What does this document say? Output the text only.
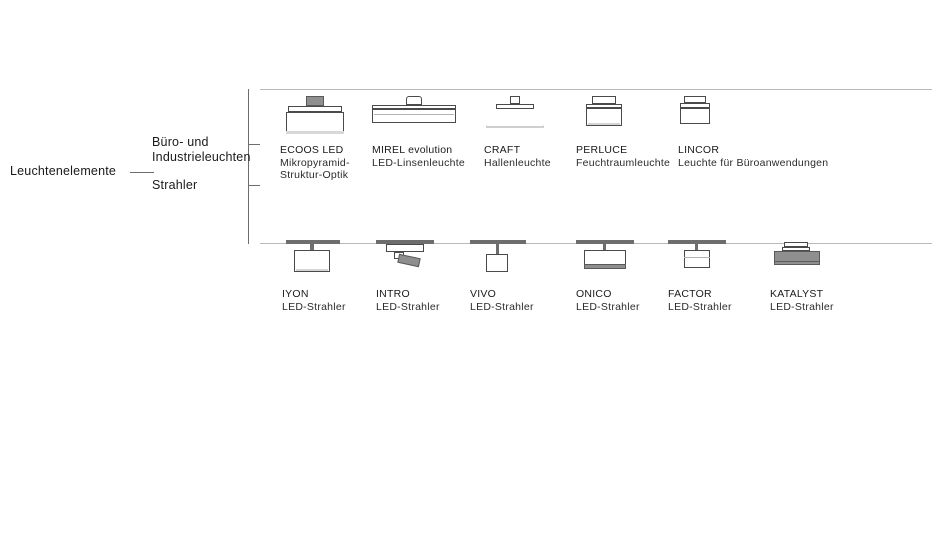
Leuchtenelemente
Büro- und
Industrieleuchten
Strahler
ECOOS LED
Mikropyramid-
Struktur-Optik
MIREL evolution
LED-Linsenleuchte
CRAFT
Hallenleuchte
PERLUCE
Feuchtraumleuchte
LINCOR
Leuchte für Büroanwendungen
IYON
LED-Strahler
INTRO
LED-Strahler
VIVO
LED-Strahler
ONICO
LED-Strahler
FACTOR
LED-Strahler
KATALYST
LED-Strahler
